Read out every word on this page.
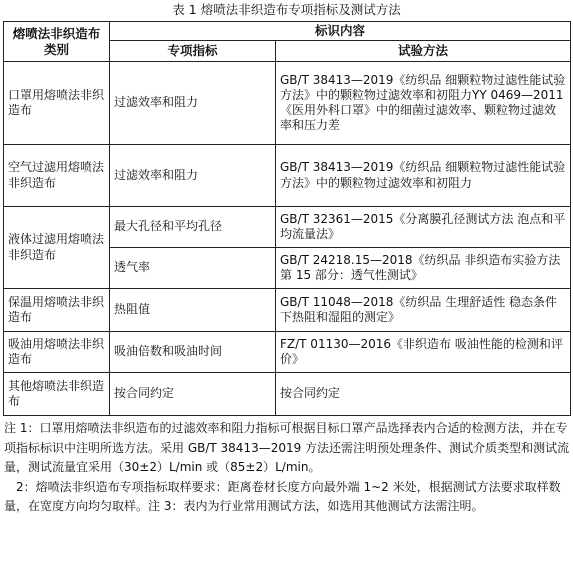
表 1 熔喷法非织造布专项指标及测试方法
熔喷法非织造布类别	标识内容	
	专项指标	试验方法
口罩用熔喷法非织造布	过滤效率和阻力	GB/T 38413—2019《纺织品 细颗粒物过滤性能试验方法》中的颗粒物过滤效率和初阻力YY 0469—2011《医用外科口罩》中的细菌过滤效率、颗粒物过滤效率和压力差
空气过滤用熔喷法非织造布	过滤效率和阻力	GB/T 38413—2019《纺织品 细颗粒物过滤性能试验方法》中的颗粒物过滤效率和初阻力
液体过滤用熔喷法非织造布	最大孔径和平均孔径	GB/T 32361—2015《分离膜孔径测试方法 泡点和平均流量法》
	透气率	GB/T 24218.15—2018《纺织品 非织造布实验方法 第 15 部分：透气性测试》
保温用熔喷法非织造布	热阻值	GB/T 11048—2018《纺织品 生理舒适性 稳态条件下热阻和湿阻的测定》
吸油用熔喷法非织造布	吸油倍数和吸油时间	FZ/T 01130—2016《非织造布 吸油性能的检测和评价》
其他熔喷法非织造布	按合同约定	按合同约定

注 1：口罩用熔喷法非织造布的过滤效率和阻力指标可根据目标口罩产品选择表内合适的检测方法，并在专项指标标识中注明所选方法。采用 GB/T 38413—2019 方法还需注明预处理条件、测试介质类型和测试流量，测试流量宜采用（30±2）L/min 或（85±2）L/min。

2：熔喷法非织造布专项指标取样要求：距离卷材长度方向最外端 1~2 米处，根据测试方法要求取样数量，在宽度方向均匀取样。注 3：表内为行业常用测试方法，如选用其他测试方法需注明。
